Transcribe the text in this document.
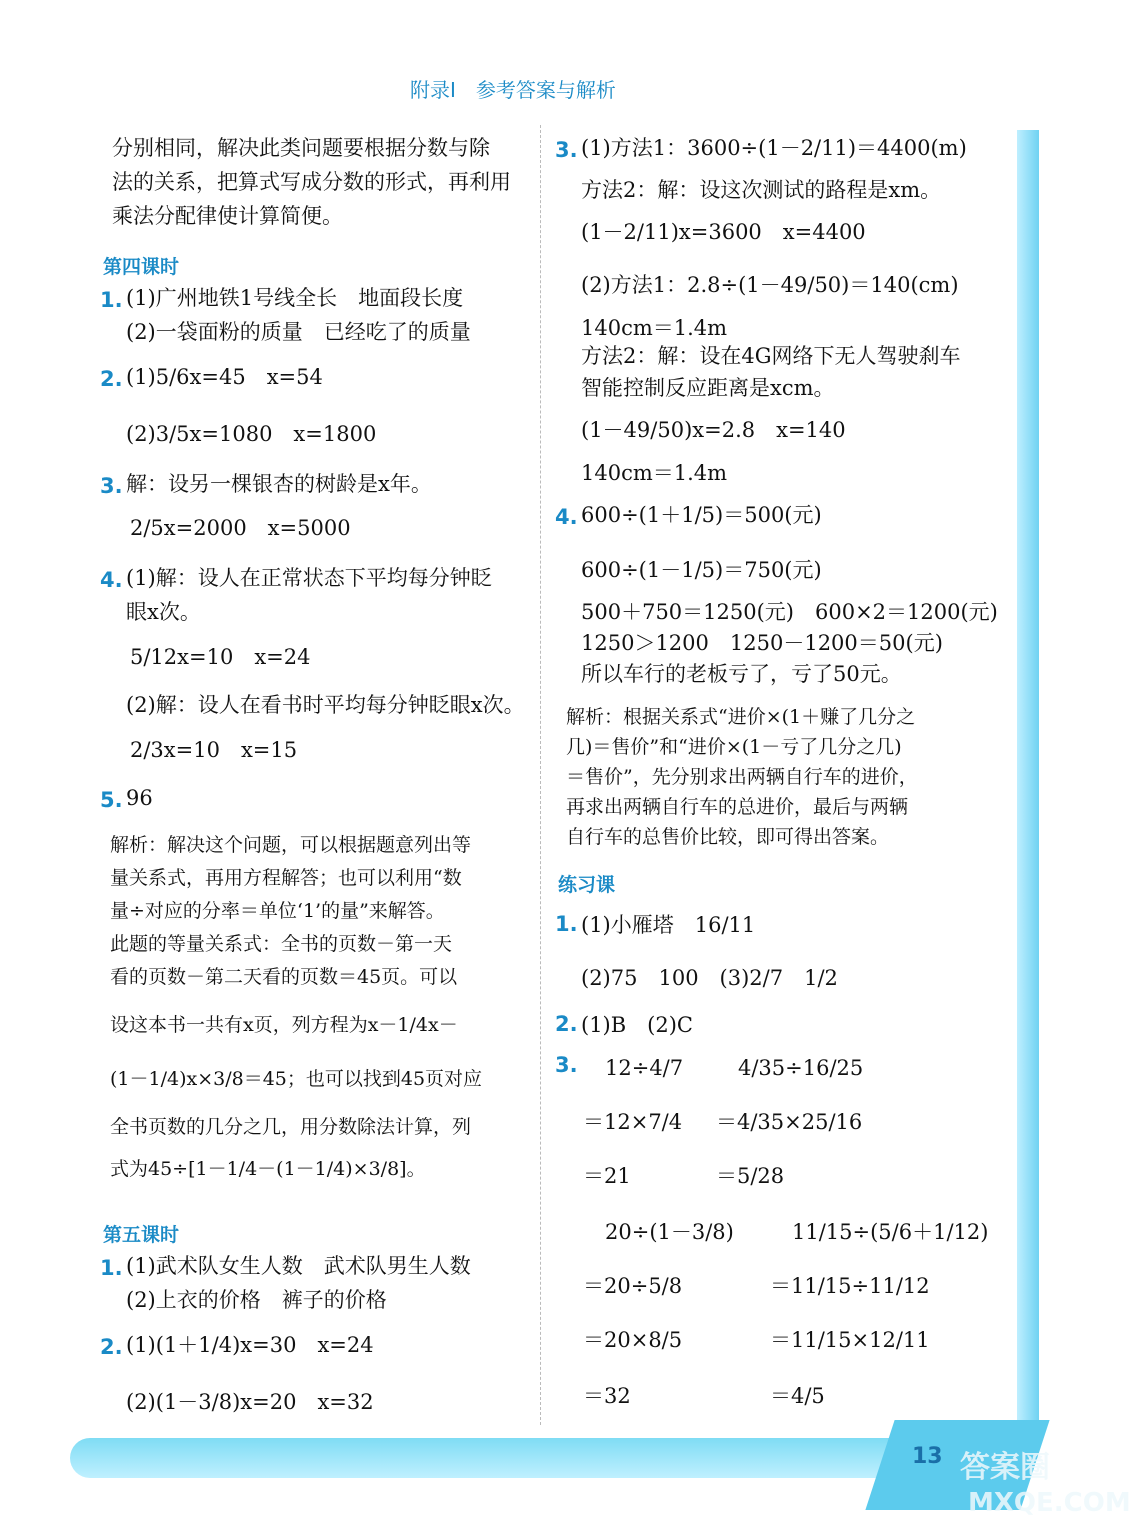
附录Ⅰ　参考答案与解析
分别相同，解决此类问题要根据分数与除
法的关系，把算式写成分数的形式，再利用
乘法分配律使计算简便。
第四课时
1. (1)广州地铁1号线全长　地面段长度
(2)一袋面粉的质量　已经吃了的质量
2. (1)5/6x=45　x=54
(2)3/5x=1080　x=1800
3. 解：设另一棵银杏的树龄是x年。
2/5x=2000　x=5000
4. (1)解：设人在正常状态下平均每分钟眨
眼x次。
5/12x=10　x=24
(2)解：设人在看书时平均每分钟眨眼x次。
2/3x=10　x=15
5. 96
解析：解决这个问题，可以根据题意列出等
量关系式，再用方程解答；也可以利用“数
量÷对应的分率＝单位‘1’的量”来解答。
此题的等量关系式：全书的页数－第一天
看的页数－第二天看的页数＝45页。可以
设这本书一共有x页，列方程为x－1/4x－
(1－1/4)x×3/8＝45；也可以找到45页对应
全书页数的几分之几，用分数除法计算，列
式为45÷[1－1/4－(1－1/4)×3/8]。
第五课时
1. (1)武术队女生人数　武术队男生人数
(2)上衣的价格　裤子的价格
2. (1)(1＋1/4)x=30　x=24
(2)(1－3/8)x=20　x=32
3. (1)方法1：3600÷(1－2/11)＝4400(m)
方法2：解：设这次测试的路程是xm。
(1－2/11)x=3600　x=4400
(2)方法1：2.8÷(1－49/50)＝140(cm)
140cm＝1.4m
方法2：解：设在4G网络下无人驾驶刹车
智能控制反应距离是xcm。
(1－49/50)x=2.8　x=140
140cm＝1.4m
4. 600÷(1＋1/5)＝500(元)
600÷(1－1/5)＝750(元)
500＋750＝1250(元)　600×2＝1200(元)
1250＞1200　1250－1200＝50(元)
所以车行的老板亏了，亏了50元。
解析：根据关系式“进价×(1＋赚了几分之
几)＝售价”和“进价×(1－亏了几分之几)
＝售价”，先分别求出两辆自行车的进价，
再求出两辆自行车的总进价，最后与两辆
自行车的总售价比较，即可得出答案。
练习课
1. (1)小雁塔　16/11
(2)75　100　(3)2/7　1/2
2. (1)B　(2)C
3. 12÷4/7
＝12×7/4
＝21
4/35÷16/25
＝4/35×25/16
＝5/28
20÷(1－3/8)
＝20÷5/8
＝20×8/5
＝32
11/15÷(5/6＋1/12)
＝11/15÷11/12
＝11/15×12/11
＝4/5
13 答案圈
MXQE.COM
